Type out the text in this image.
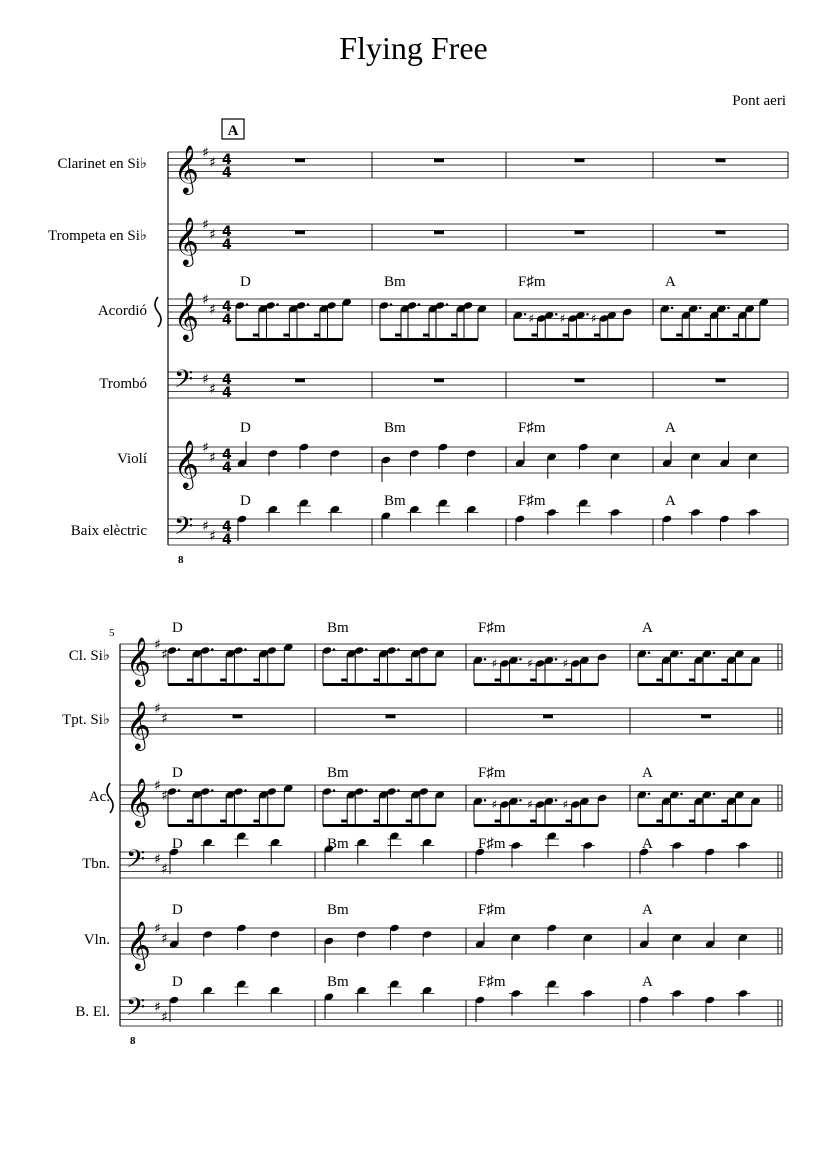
Flying Free
Pont aeri
Clarinet en Si♭ 𝄞 ♯
♯ 4
4
Trompeta en Si♭ 𝄞 ♯
♯ 4
4
Acordió 𝄞 ♯
♯ 4
4	♯ ♯ ♯
Trombó 𝄢 ♯
♯
4
4
Violí 𝄞 ♯
♯ 4
4
Baix elèctric 𝄢
8
♯
♯
4
4
D	Bm	F♯m	A
D	Bm	F♯m	A
D	Bm	F♯m	A
A
Cl. Si♭ 𝄞 ♯
♯
♯ ♯ ♯
Tpt. Si♭ 𝄞 ♯
♯
Ac. 𝄞 ♯
♯
♯ ♯ ♯
Tbn. 𝄢 ♯
♯
Vln. 𝄞 ♯
♯
B. El. 𝄢
8
♯
♯
D	Bm	F♯m	A
D	Bm	F♯m	A
D	Bm	F♯m	A
D	Bm	F♯m	A
D	Bm	F♯m	A
5
